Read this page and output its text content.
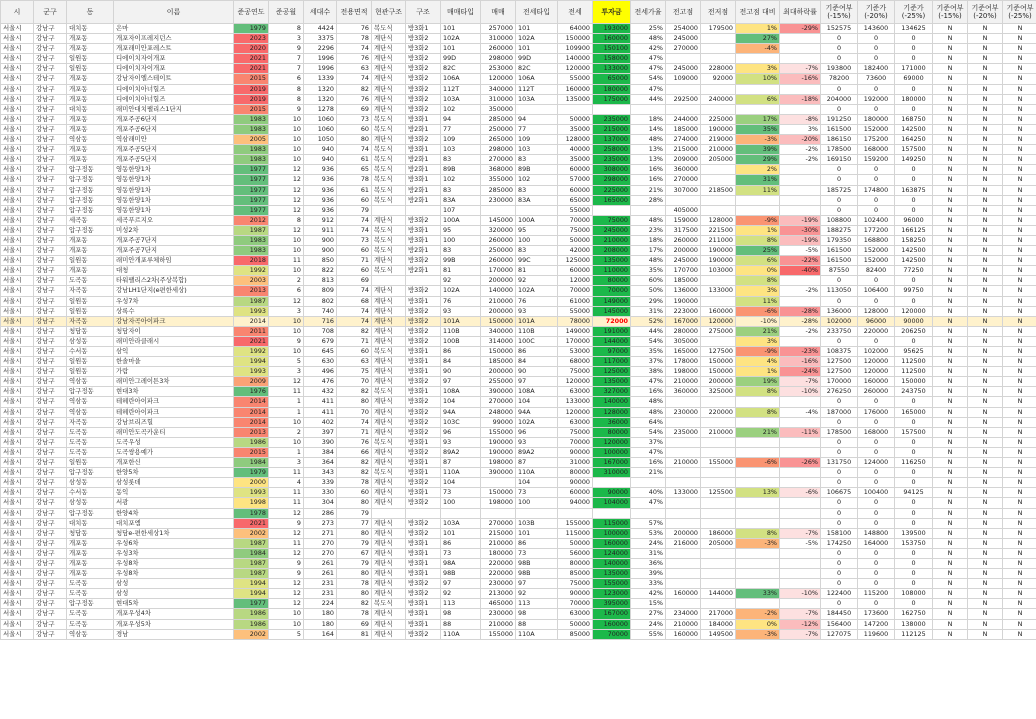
시	군구	동	이름	준공연도	준공월	세대수	전용면적	현관구조	구조	매매타입	매매	전세타입	전세	투자금	전세가율	전고점	전저점	전고점 대비	최대하락률	기준여부(-15%)	기준가(-20%)	기준가(-25%)	기준여부(-15%)	기준여부(-20%)	기준여부(-25%)
서울시	강남구	대치동	은마	1979	8	4424	76	복도식	방3화1	101	257000	101	64000	193000	25%	254000	179500	1%	-29%	152575	143600	134625	N	N	N
서울시	강남구	개포동	개포자이프레지던스	2023	3	3375	78	계단식	방3화2	102A	310000	102A	150000	160000	48%	245000		27%		0	0	0	N	N	N
서울시	강남구	개포동	개포래미안포레스트	2020	9	2296	74	계단식	방3화2	101	260000	101	109900	150100	42%	270000		-4%		0	0	0	N	N	N
서울시	강남구	일원동	디에이치자이개포	2021	7	1996	76	계단식	방3화2	99D	298000	99D	140000	158000	47%					0	0	0	N	N	N
서울시	강남구	일원동	디에이치자이개포	2021	7	1996	63	계단식	방3화2	82C	253000	82C	120000	133000	47%	245000	228000	3%	-7%	193800	182400	171000	N	N	N
서울시	강남구	개포동	강남자이엘스테이트	2015	6	1339	74	계단식	방3화2	106A	120000	106A	55000	65000	54%	109000	92000	10%	-16%	78200	73600	69000	N	N	N
서울시	강남구	개포동	디에이치아너힐즈	2019	8	1320	82	계단식	방3화2	112T	340000	112T	160000	180000	47%					0	0	0	N	N	N
서울시	강남구	개포동	디에이치아너힐즈	2019	8	1320	76	계단식	방3화2	103A	310000	103A	135000	175000	44%	292500	240000	6%	-18%	204000	192000	180000	N	N	N
서울시	강남구	대치동	래미안대치팰리스1단지	2015	9	1278	69	계단식	방3화2	102	350000									0	0	0	N	N	N
서울시	강남구	개포동	개포주공6단지	1983	10	1060	73	복도식	방3화1	94	285000	94	50000	235000	18%	244000	225000	17%	-8%	191250	180000	168750	N	N	N
서울시	강남구	개포동	개포주공6단지	1983	10	1060	60	복도식	방2화1	77	250000	77	35000	215000	14%	185000	190000	35%	3%	161500	152000	142500	N	N	N
서울시	강남구	역삼동	역삼래미안	2005	10	1050	80	계단식	방3화2	109	265000	109	128000	137000	48%	274000	219000	-3%	-20%	186150	175200	164250	N	N	N
서울시	강남구	개포동	개포주공5단지	1983	10	940	74	복도식	방3화1	103	298000	103	40000	258000	13%	215000	210000	39%	-2%	178500	168000	157500	N	N	N
서울시	강남구	개포동	개포주공5단지	1983	10	940	61	복도식	방2화1	83	270000	83	35000	235000	13%	209000	205000	29%	-2%	169150	159200	149250	N	N	N
서울시	강남구	압구정동	영동한양1차	1977	12	936	65	복도식	방2화1	89B	368000	89B	60000	308000	16%	360000		2%		0	0	0	N	N	N
서울시	강남구	압구정동	영동한양1차	1977	12	936	78	복도식	방3화1	102	355000	102	57000	298000	16%	270000		31%		0	0	0	N	N	N
서울시	강남구	압구정동	영동한양1차	1977	12	936	61	복도식	방2화1	83	285000	83	60000	225000	21%	307000	218500	11%		185725	174800	163875	N	N	N
서울시	강남구	압구정동	영동한양1차	1977	12	936	60	복도식	방2화1	83A	230000	83A	65000	165000	28%					0	0	0	N	N	N
서울시	강남구	압구정동	영동한양1차	1977	12	936	79			107			55000			405000				0	0	0	N	N	N
서울시	강남구	세곡동	세곡푸르지오	2012	8	912	74	계단식	방3화2	100A	145000	100A	70000	75000	48%	159000	128000	-9%	-19%	108800	102400	96000	N	N	N
서울시	강남구	압구정동	미성2차	1987	12	911	74	복도식	방3화1	95	320000	95	75000	245000	23%	317500	221500	1%	-30%	188275	177200	166125	N	N	N
서울시	강남구	개포동	개포주공7단지	1983	10	900	73	복도식	방3화1	100	260000	100	50000	210000	18%	260000	211000	8%	-19%	179350	168800	158250	N	N	N
서울시	강남구	개포동	개포주공7단지	1983	10	900	60	복도식	방2화1	83	250000	83	42000	208000	17%	200000	190000	25%	-5%	161500	152000	142500	N	N	N
서울시	강남구	일원동	래미안개포루체하임	2018	11	850	71	계단식	방3화2	99B	260000	99C	125000	135000	48%	245000	190000	6%	-22%	161500	152000	142500	N	N	N
서울시	강남구	개포동	대청	1992	10	822	60	복도식	방2화1	81	170000	81	60000	110000	35%	170700	103000	0%	-40%	87550	82400	77250	N	N	N
서울시	강남구	도곡동	타워팰리스2차(주상복합)	2003	2	813	69			92	200000	92	12000	80000	60%	185000		8%		0	0	0	N	N	N
서울시	강남구	자곡동	강남LH1단지(e편한세상)	2013	6	809	74	계단식	방3화2	102A	140000	102A	70000	70000	50%	136000	133000	3%	-2%	113050	106400	99750	N	N	N
서울시	강남구	일원동	우성7차	1987	12	802	68	계단식	방3화1	76	210000	76	61000	149000	29%	190000		11%		0	0	0	N	N	N
서울시	강남구	일원동	상록수	1993	3	740	74	계단식	방3화2	93	200000	93	55000	145000	31%	223000	160000	-6%	-28%	136000	128000	120000	N	N	N
서울시	강남구	자곡동	강남자곡아이파크	2014	10	716	74	계단식	방3화2	101A	150000	101A	78000	72000	52%	167000	120000	-10%	-28%	102000	96000	90000	N	N	N
서울시	강남구	청담동	청담자이	2011	10	708	82	계단식	방3화2	110B	340000	110B	149000	191000	44%	280000	275000	21%	-2%	233750	220000	206250	N	N	N
서울시	강남구	삼성동	래미안라클래시	2021	9	679	71	계단식	방3화2	100B	314000	100C	170000	144000	54%	305000		3%		0	0	0	N	N	N
서울시	강남구	수서동	삼익	1992	10	645	60	복도식	방3화1	86	150000	86	53000	97000	35%	165000	127500	-9%	-23%	108375	102000	95625	N	N	N
서울시	강남구	일원동	한솔마을	1994	5	630	63	계단식	방3화1	84	185000	84	68000	117000	37%	178000	150000	4%	-16%	127500	120000	112500	N	N	N
서울시	강남구	일원동	가람	1993	3	496	75	계단식	방3화1	90	200000	90	75000	125000	38%	198000	150000	1%	-24%	127500	120000	112500	N	N	N
서울시	강남구	역삼동	래미안그레이튼3차	2009	12	476	70	계단식	방3화2	97	255000	97	120000	135000	47%	210000	200000	19%	-7%	170000	160000	150000	N	N	N
서울시	강남구	압구정동	현대3차	1976	11	432	82	복도식	방3화1	108A	390000	108A	63000	327000	16%	360000	325000	8%	-10%	276250	260000	243750	N	N	N
서울시	강남구	역삼동	테헤란아이파크	2014	1	411	80	계단식	방3화2	104	270000	104	133000	140000	48%					0	0	0	N	N	N
서울시	강남구	역삼동	테헤란아이파크	2014	1	411	70	계단식	방3화2	94A	248000	94A	120000	128000	48%	230000	220000	8%	-4%	187000	176000	165000	N	N	N
서울시	강남구	자곡동	강남브리즈힐	2014	10	402	74	계단식	방3화2	103C	99000	102A	63000	36000	64%					0	0	0	N	N	N
서울시	강남구	도곡동	래미안도곡카운티	2013	2	397	71	계단식	방3화2	96	155000	96	75000	80000	54%	235000	210000	21%	-11%	178500	168000	157500	N	N	N
서울시	강남구	도곡동	도곡우성	1986	10	390	76	복도식	방3화1	93	190000	93	70000	120000	37%					0	0	0	N	N	N
서울시	강남구	도곡동	도곡쌍용예가	2015	1	384	66	계단식	방3화2	89A2	190000	89A2	90000	100000	47%					0	0	0	N	N	N
서울시	강남구	일원동	개포한신	1984	3	364	82	계단식	방3화1	87	198000	87	31000	167000	16%	210000	155000	-6%	-26%	131750	124000	116250	N	N	N
서울시	강남구	압구정동	한양5차	1979	11	343	82	복도식	방3화1	110A	390000	110A	80000	310000	21%					0	0	0	N	N	N
서울시	강남구	삼성동	삼성롯데	2000	4	339	78	계단식	방3화2	104		104	90000							0	0	0	N	N	N
서울시	강남구	수서동	동익	1993	11	330	60	계단식	방3화1	73	150000	73	60000	90000	40%	133000	125500	13%	-6%	106675	100400	94125	N	N	N
서울시	강남구	삼성동	서광	1998	11	304	80	계단식	방3화2	100	198000	100	94000	104000	47%					0	0	0	N	N	N
서울시	강남구	압구정동	한양4차	1978	12	286	79													0	0	0	N	N	N
서울시	강남구	대치동	대치포엠	2021	9	273	77	계단식	방3화2	103A	270000	103B	155000	115000	57%					0	0	0	N	N	N
서울시	강남구	청담동	청담e-편한세상1차	2002	12	271	80	계단식	방3화2	101	215000	101	115000	100000	53%	200000	186000	8%	-7%	158100	148800	139500	N	N	N
서울시	강남구	개포동	우성6차	1987	11	270	79	계단식	방3화1	86	210000	86	50000	160000	24%	216000	205000	-3%	-5%	174250	164000	153750	N	N	N
서울시	강남구	개포동	우성3차	1984	12	270	67	계단식	방3화1	73	180000	73	56000	124000	31%					0	0	0	N	N	N
서울시	강남구	개포동	우성8차	1987	9	261	79	계단식	방3화1	98A	220000	98B	80000	140000	36%					0	0	0	N	N	N
서울시	강남구	개포동	우성8차	1987	9	261	80	계단식	방3화1	98B	220000	98B	85000	135000	39%					0	0	0	N	N	N
서울시	강남구	도곡동	삼성	1994	12	231	78	계단식	방3화2	97	230000	97	75000	155000	33%					0	0	0	N	N	N
서울시	강남구	도곡동	삼성	1994	12	231	80	계단식	방3화2	92	213000	92	90000	123000	42%	160000	144000	33%	-10%	122400	115200	108000	N	N	N
서울시	강남구	압구정동	현대5차	1977	12	224	82	복도식	방3화1	113	465000	113	70000	395000	15%					0	0	0	N	N	N
서울시	강남구	도곡동	개포우성4차	1986	10	180	78	계단식	방3화1	98	230000	98	63000	167000	27%	234000	217000	-2%	-7%	184450	173600	162750	N	N	N
서울시	강남구	도곡동	개포우성5차	1986	10	180	69	계단식	방3화1	88	210000	88	50000	160000	24%	210000	184000	0%	-12%	156400	147200	138000	N	N	N
서울시	강남구	역삼동	경남	2002	5	164	81	계단식	방3화2	110A	155000	110A	85000	70000	55%	160000	149500	-3%	-7%	127075	119600	112125	N	N	N
